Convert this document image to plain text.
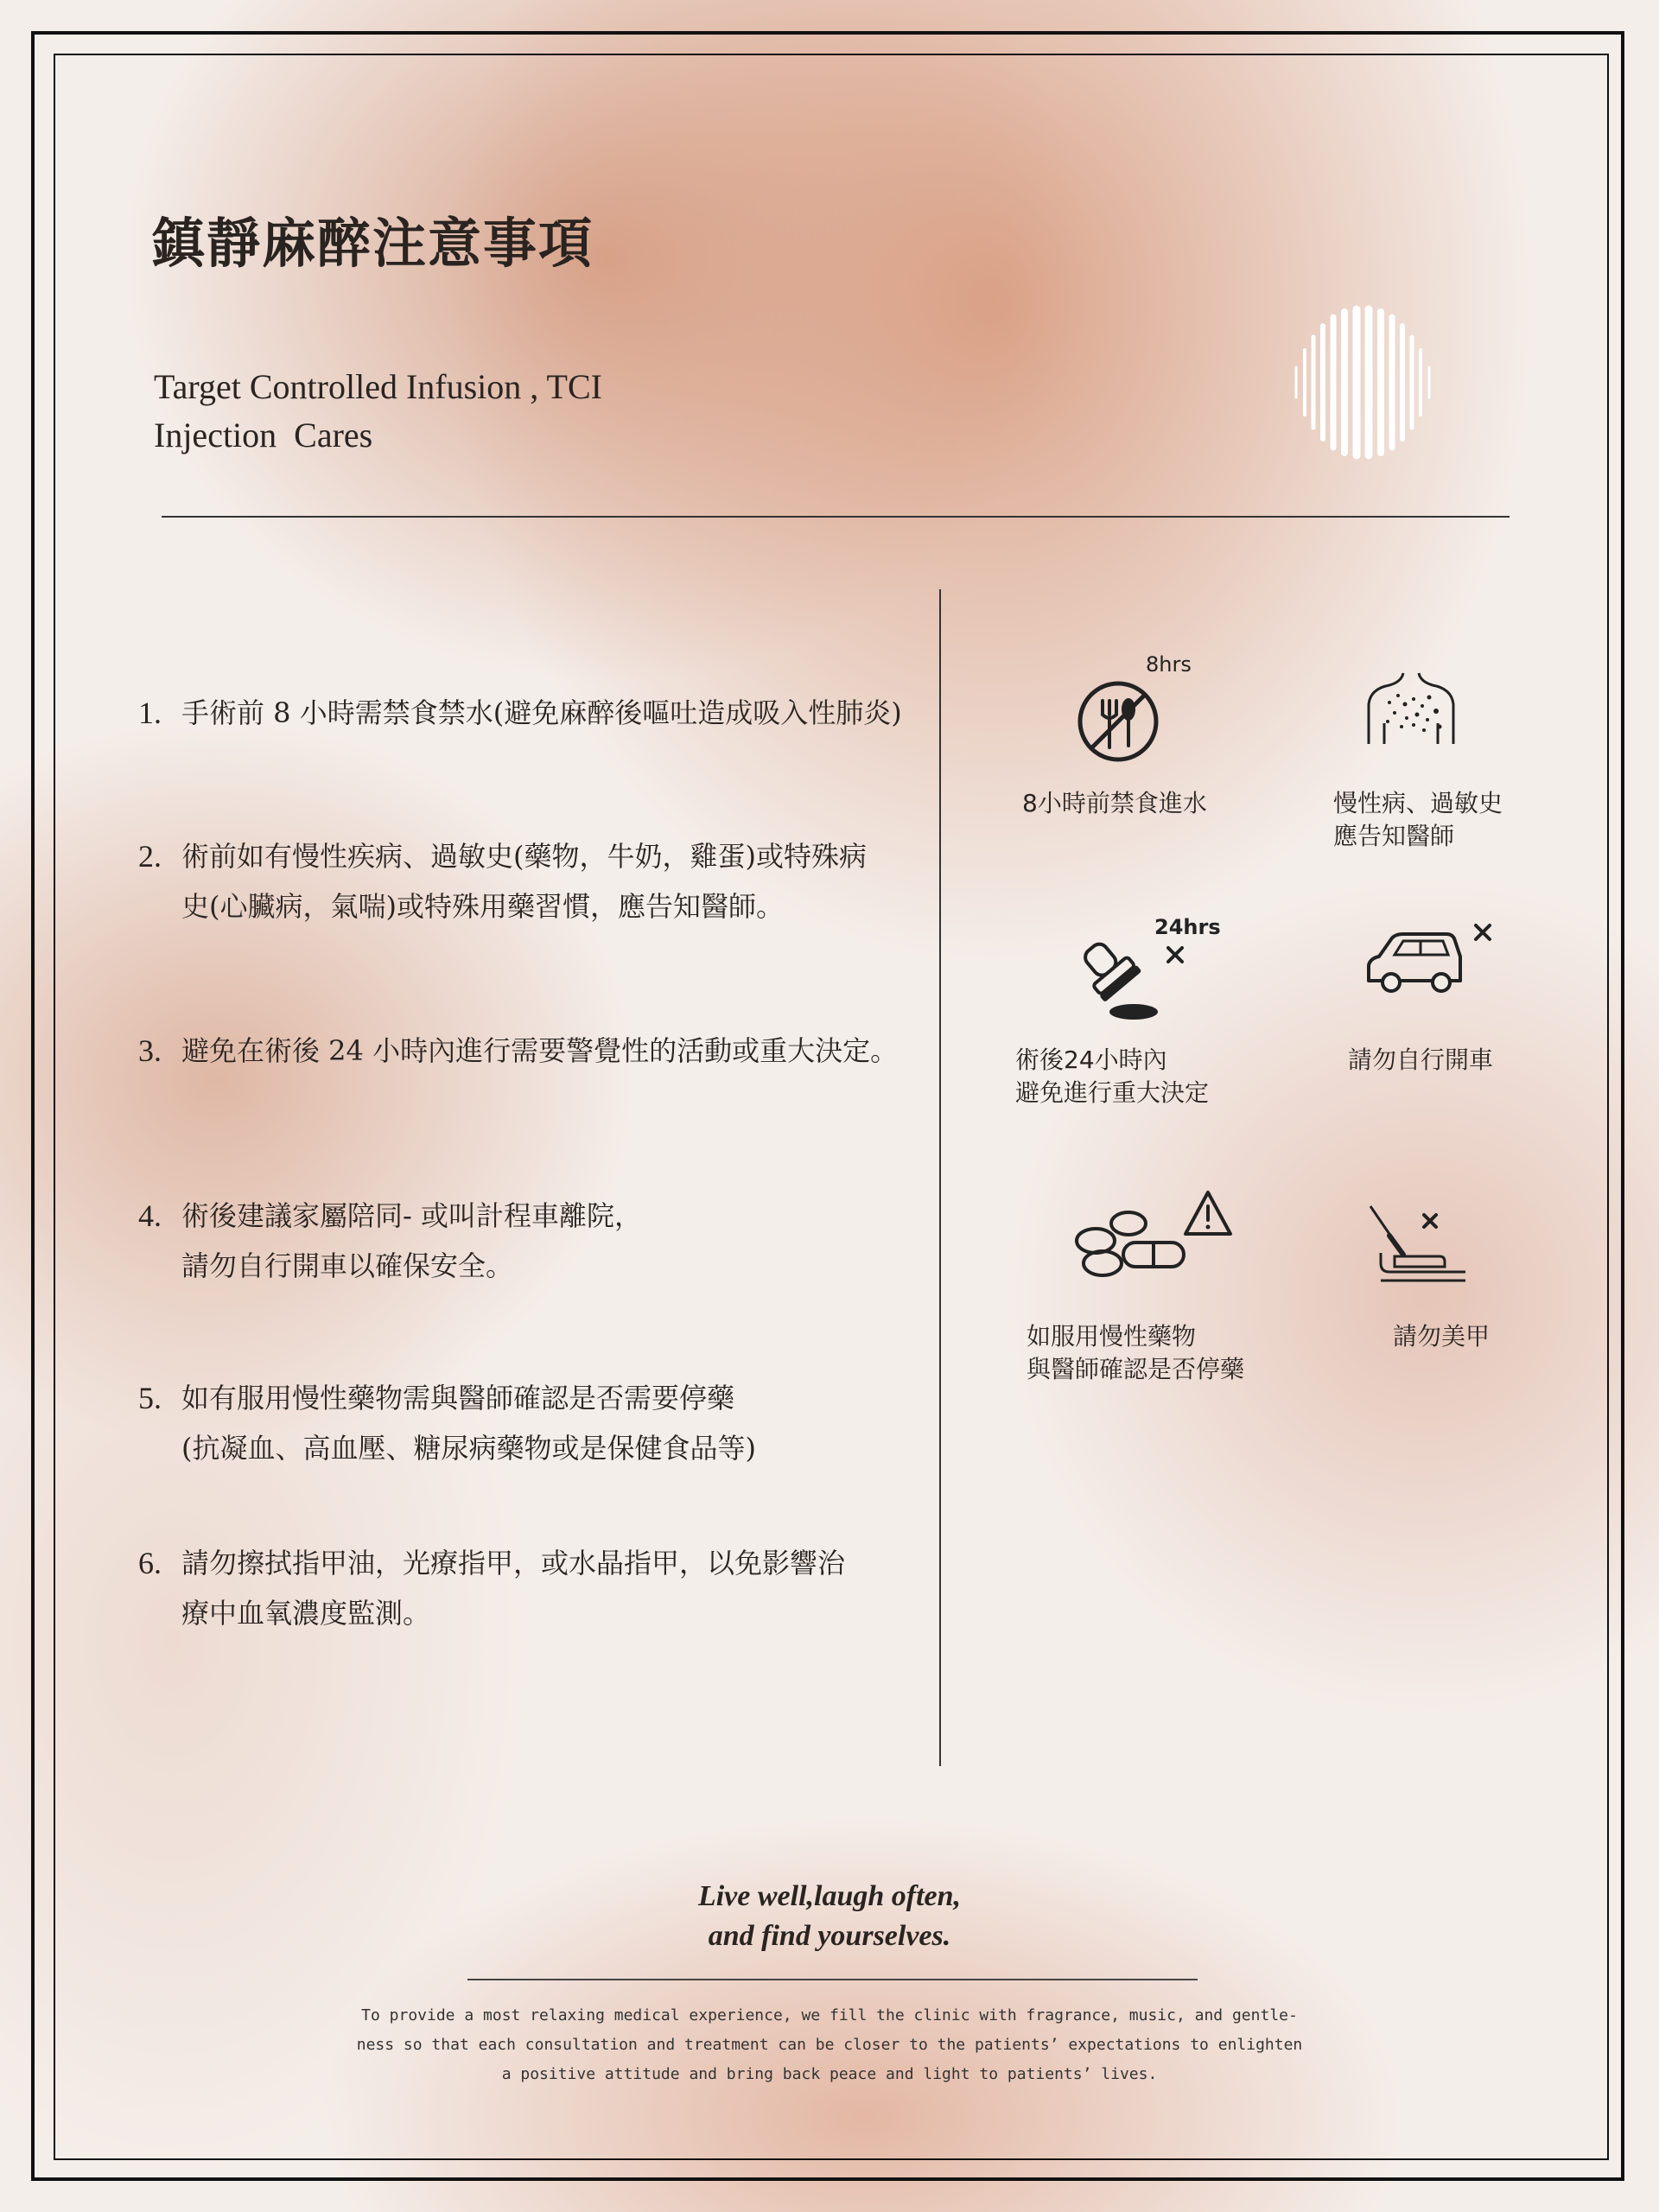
鎮靜麻醉注意事項
Target Controlled Infusion , TCI
Injection  Cares
1. 手術前 8 小時需禁食禁水(避免麻醉後嘔吐造成吸入性肺炎)
2. 術前如有慢性疾病、過敏史(藥物，牛奶，雞蛋)或特殊病
史(心臟病，氣喘)或特殊用藥習慣，應告知醫師。
3. 避免在術後 24 小時內進行需要警覺性的活動或重大決定。
4. 術後建議家屬陪同- 或叫計程車離院，
請勿自行開車以確保安全。
5. 如有服用慢性藥物需與醫師確認是否需要停藥
(抗凝血、高血壓、糖尿病藥物或是保健食品等)
6. 請勿擦拭指甲油，光療指甲，或水晶指甲，以免影響治
療中血氧濃度監測。
8hrs
8小時前禁食進水	慢性病、過敏史
應告知醫師
24hrs
術後24小時內
避免進行重大決定
請勿自行開車
如服用慢性藥物
與醫師確認是否停藥
請勿美甲
Live well,laugh often,
and find yourselves.
To provide a most relaxing medical experience, we fill the clinic with fragrance, music, and gentle-
ness so that each consultation and treatment can be closer to the patients’ expectations to enlighten
a positive attitude and bring back peace and light to patients’ lives.
